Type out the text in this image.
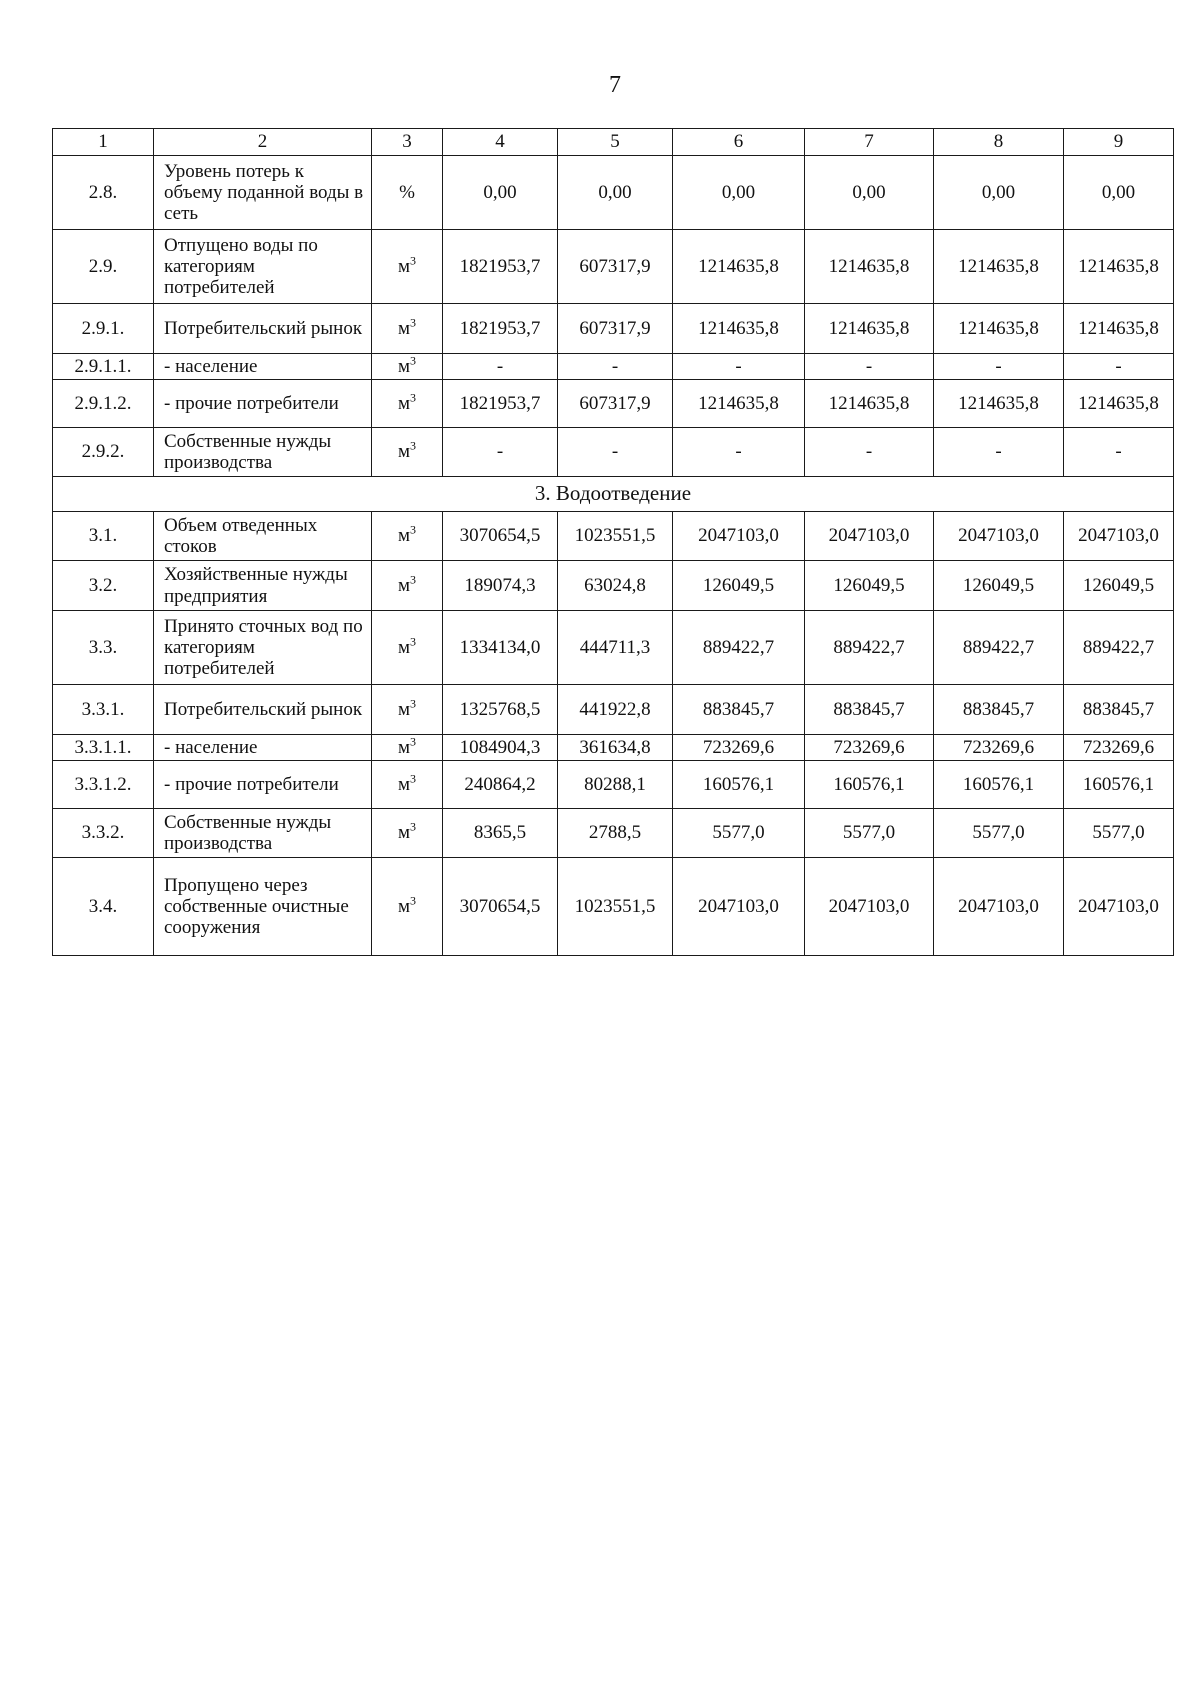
7
1	2	3	4	5	6	7	8	9
2.8.	Уровень потерь к объему поданной воды в сеть	%	0,00	0,00	0,00	0,00	0,00	0,00
2.9.	Отпущено воды по категориям потребителей	$м^3$	1821953,7	607317,9	1214635,8	1214635,8	1214635,8	1214635,8
2.9.1.	Потребительский рынок	$м^3$	1821953,7	607317,9	1214635,8	1214635,8	1214635,8	1214635,8
2.9.1.1.	- население	$м^3$	-	-	-	-	-	-
2.9.1.2.	- прочие потребители	$м^3$	1821953,7	607317,9	1214635,8	1214635,8	1214635,8	1214635,8
2.9.2.	Собственные нужды производства	$м^3$	-	-	-	-	-	-
3. Водоотведение								
3.1.	Объем отведенных стоков	$м^3$	3070654,5	1023551,5	2047103,0	2047103,0	2047103,0	2047103,0
3.2.	Хозяйственные нужды предприятия	$м^3$	189074,3	63024,8	126049,5	126049,5	126049,5	126049,5
3.3.	Принято сточных вод по категориям потребителей	$м^3$	1334134,0	444711,3	889422,7	889422,7	889422,7	889422,7
3.3.1.	Потребительский рынок	$м^3$	1325768,5	441922,8	883845,7	883845,7	883845,7	883845,7
3.3.1.1.	- население	$м^3$	1084904,3	361634,8	723269,6	723269,6	723269,6	723269,6
3.3.1.2.	- прочие потребители	$м^3$	240864,2	80288,1	160576,1	160576,1	160576,1	160576,1
3.3.2.	Собственные нужды производства	$м^3$	8365,5	2788,5	5577,0	5577,0	5577,0	5577,0
3.4.	Пропущено через собственные очистные сооружения	$м^3$	3070654,5	1023551,5	2047103,0	2047103,0	2047103,0	2047103,0
